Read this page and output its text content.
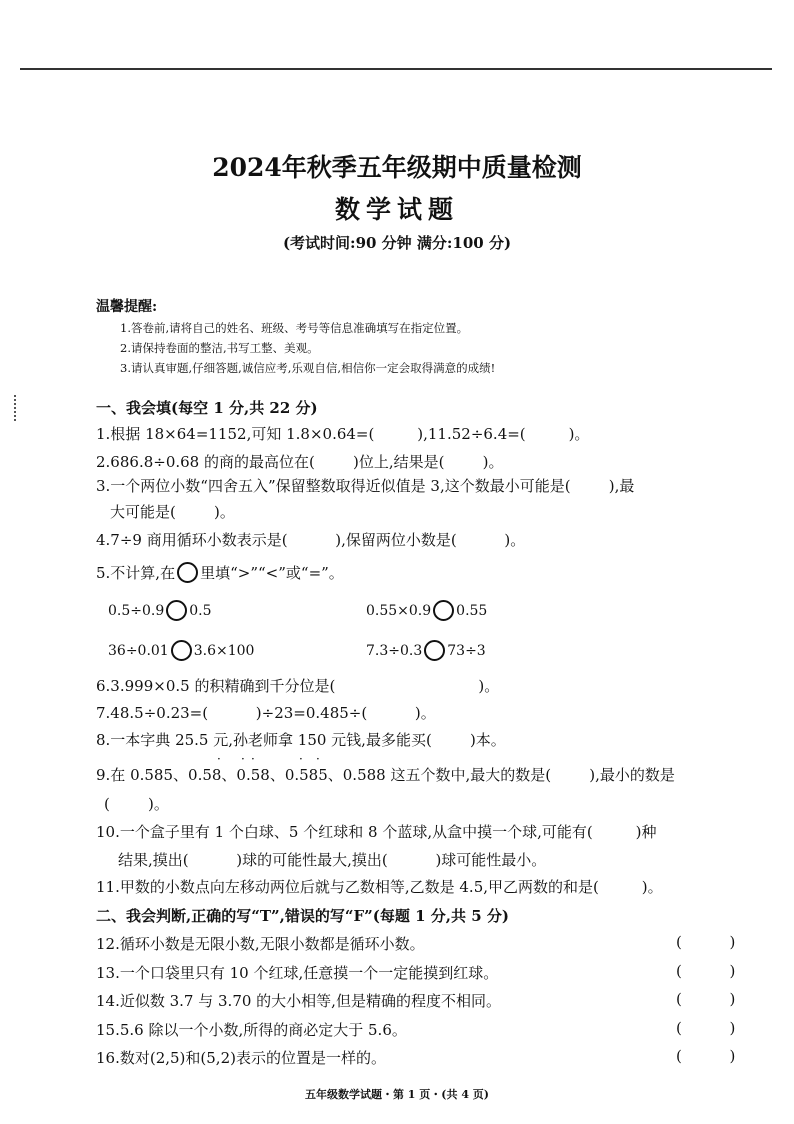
2024年秋季五年级期中质量检测
数学试题
(考试时间:90 分钟 满分:100 分)
温馨提醒:
1.答卷前,请将自己的姓名、班级、考号等信息准确填写在指定位置。
2.请保持卷面的整洁,书写工整、美观。
3.请认真审题,仔细答题,诚信应考,乐观自信,相信你一定会取得满意的成绩!
一、我会填(每空 1 分,共 22 分)
1.根据 18×64=1152,可知 1.8×0.64=(         ),11.52÷6.4=(         )。
2.686.8÷0.68 的商的最高位在(        )位上,结果是(        )。
3.一个两位小数“四舍五入”保留整数取得近似值是 3,这个数最小可能是(        ),最
大可能是(        )。
4.7÷9 商用循环小数表示是(          ),保留两位小数是(          )。
5.不计算,在 里填“>”“<”或“=”。
0.5÷0.9 0.5	0.55×0.9 0.55
36÷0.01 3.6×100	7.3÷0.3 73÷3
6.3.999×0.5 的积精确到千分位是(                              )。
7.48.5÷0.23=(          )÷23=0.485÷(          )。
8.一本字典 25.5 元,孙老师拿 150 元钱,最多能买(        )本。
· · ·	· ·
9.在 0.585、0.58、0.58、0.585、0.588 这五个数中,最大的数是(        ),最小的数是
(        )。
10.一个盒子里有 1 个白球、5 个红球和 8 个蓝球,从盒中摸一个球,可能有(         )种
结果,摸出(          )球的可能性最大,摸出(          )球可能性最小。
11.甲数的小数点向左移动两位后就与乙数相等,乙数是 4.5,甲乙两数的和是(         )。
二、我会判断,正确的写“T”,错误的写“F”(每题 1 分,共 5 分)
12.循环小数是无限小数,无限小数都是循环小数。	(          )
13.一个口袋里只有 10 个红球,任意摸一个一定能摸到红球。	(          )
14.近似数 3.7 与 3.70 的大小相等,但是精确的程度不相同。	(          )
15.5.6 除以一个小数,所得的商必定大于 5.6。	(          )
16.数对(2,5)和(5,2)表示的位置是一样的。	(          )
五年级数学试题・第 1 页・(共 4 页)
